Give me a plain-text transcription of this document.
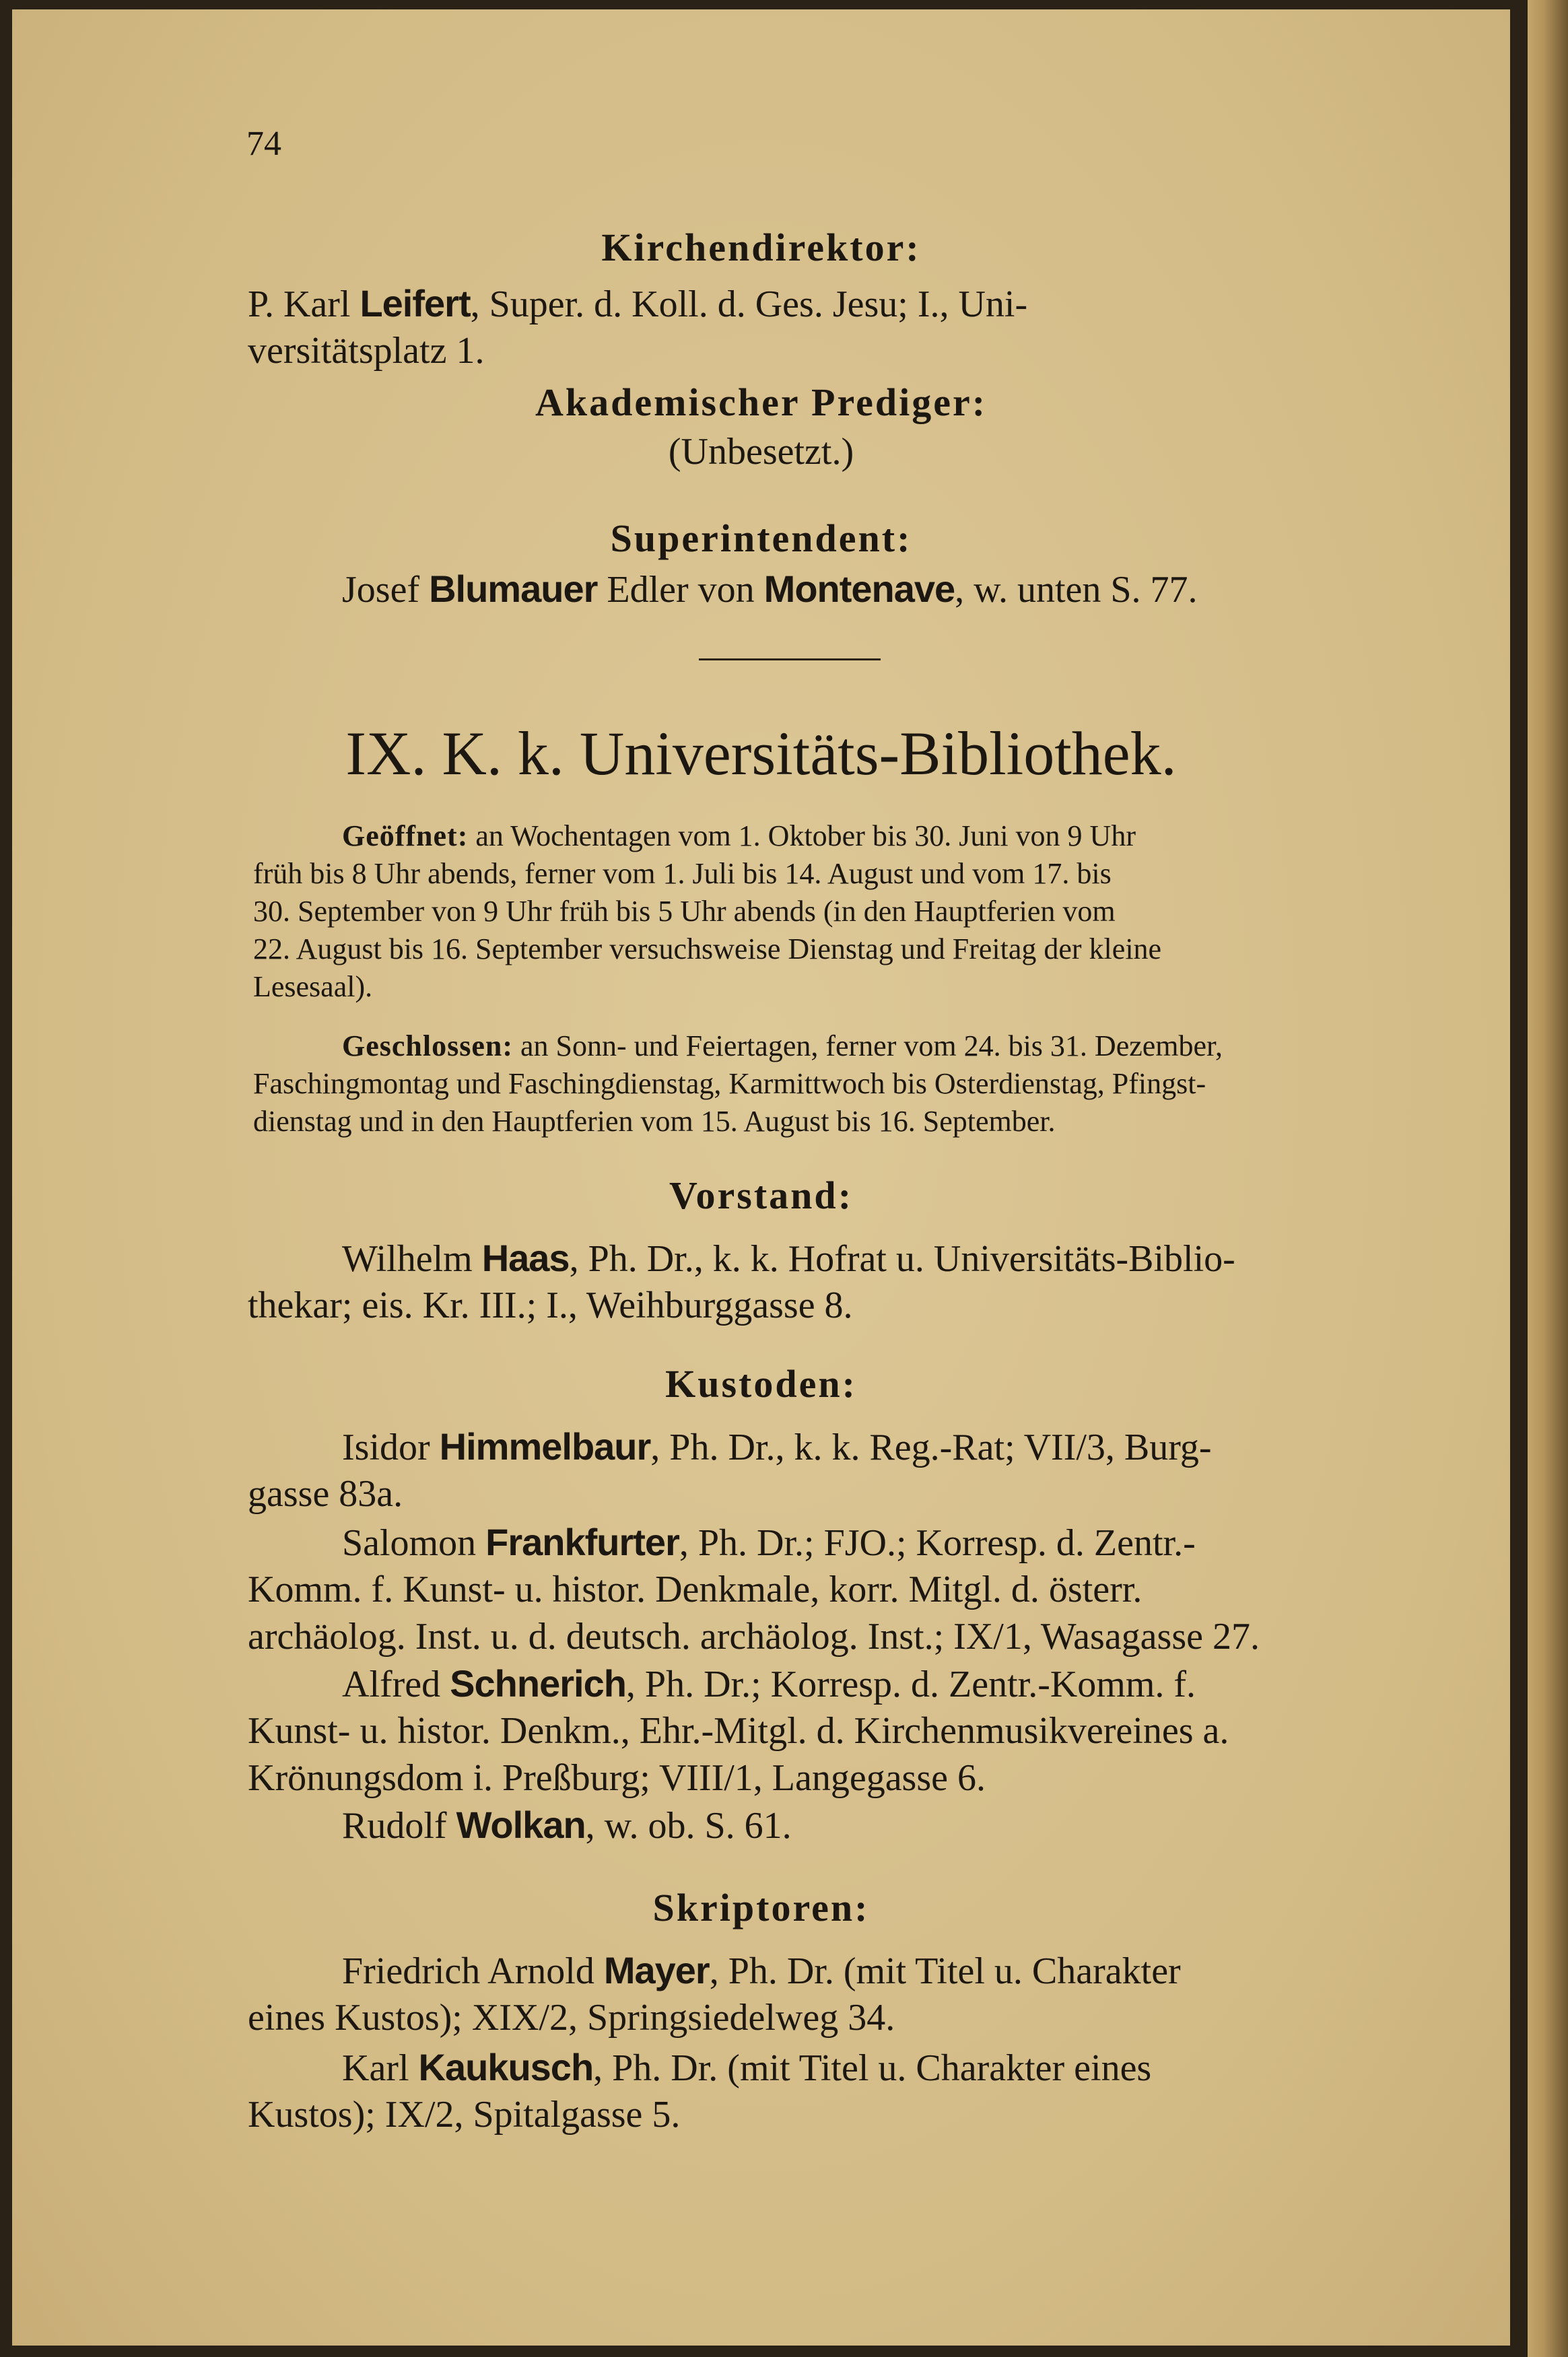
74
Kirchendirektor:
P. Karl Leifert, Super. d. Koll. d. Ges. Jesu; I., Uni-
versitätsplatz 1.
Akademischer Prediger:
(Unbesetzt.)
Superintendent:
Josef Blumauer Edler von Montenave, w. unten S. 77.
IX. K. k. Universitäts-Bibliothek.
Geöffnet: an Wochentagen vom 1. Oktober bis 30. Juni von 9 Uhr
früh bis 8 Uhr abends, ferner vom 1. Juli bis 14. August und vom 17. bis
30. September von 9 Uhr früh bis 5 Uhr abends (in den Hauptferien vom
22. August bis 16. September versuchsweise Dienstag und Freitag der kleine
Lesesaal).
Geschlossen: an Sonn- und Feiertagen, ferner vom 24. bis 31. Dezember,
Faschingmontag und Faschingdienstag, Karmittwoch bis Osterdienstag, Pfingst-
dienstag und in den Hauptferien vom 15. August bis 16. September.
Vorstand:
Wilhelm Haas, Ph. Dr., k. k. Hofrat u. Universitäts-Biblio-
thekar; eis. Kr. III.; I., Weihburggasse 8.
Kustoden:
Isidor Himmelbaur, Ph. Dr., k. k. Reg.-Rat; VII/3, Burg-
gasse 83a.
Salomon Frankfurter, Ph. Dr.; FJO.; Korresp. d. Zentr.-
Komm. f. Kunst- u. histor. Denkmale, korr. Mitgl. d. österr.
archäolog. Inst. u. d. deutsch. archäolog. Inst.; IX/1, Wasagasse 27.
Alfred Schnerich, Ph. Dr.; Korresp. d. Zentr.-Komm. f.
Kunst- u. histor. Denkm., Ehr.-Mitgl. d. Kirchenmusikvereines a.
Krönungsdom i. Preßburg; VIII/1, Langegasse 6.
Rudolf Wolkan, w. ob. S. 61.
Skriptoren:
Friedrich Arnold Mayer, Ph. Dr. (mit Titel u. Charakter
eines Kustos); XIX/2, Springsiedelweg 34.
Karl Kaukusch, Ph. Dr. (mit Titel u. Charakter eines
Kustos); IX/2, Spitalgasse 5.
